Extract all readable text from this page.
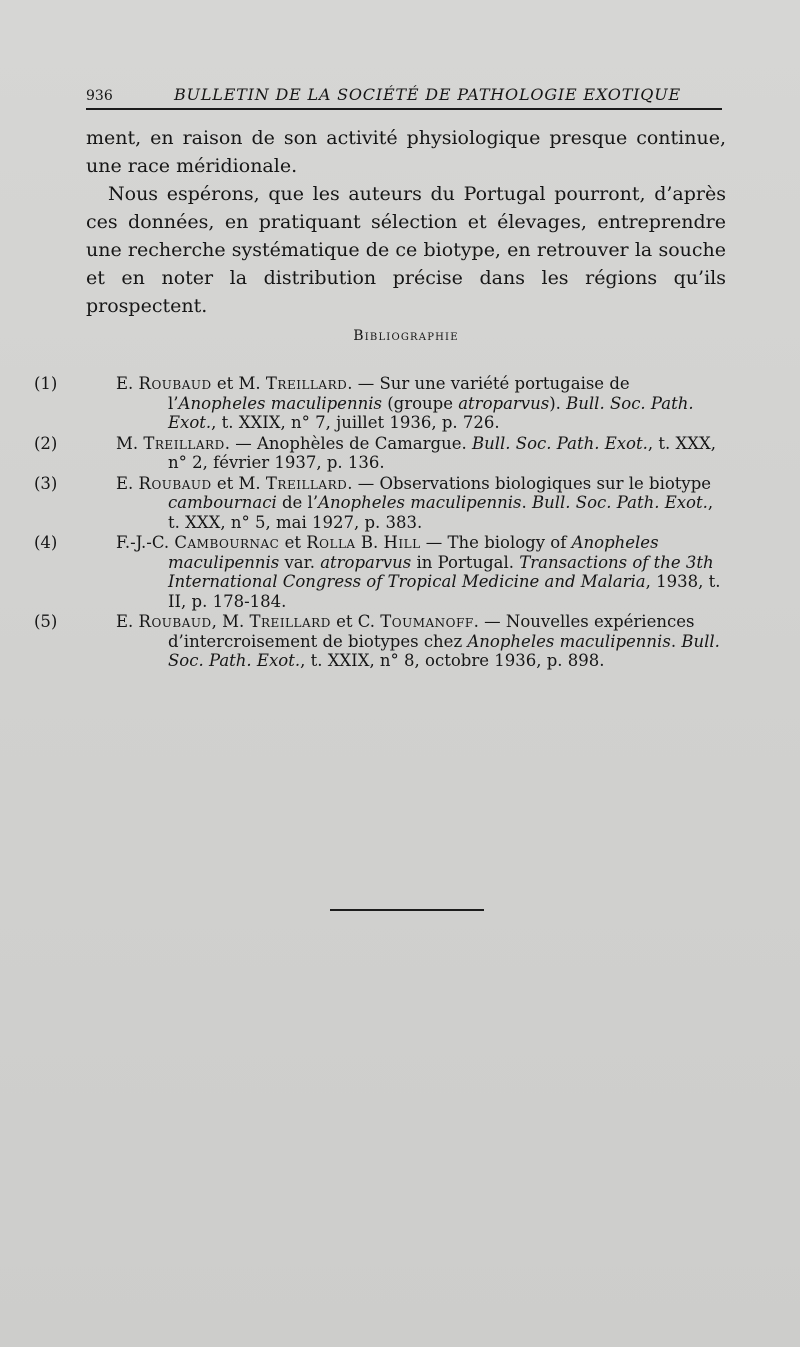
936	BULLETIN DE LA SOCIÉTÉ DE PATHOLOGIE EXOTIQUE

ment, en raison de son activité physiologique presque continue, une race méridionale.

Nous espérons, que les auteurs du Portugal pourront, d’après ces données, en pratiquant sélection et élevages, entreprendre une recherche systématique de ce biotype, en retrouver la souche et en noter la distribution précise dans les régions qu’ils prospectent.

Bibliographie

(1)	E. Roubaud et M. Treillard. — Sur une variété portugaise de l’Anopheles maculipennis (groupe atroparvus). Bull. Soc. Path. Exot., t. XXIX, n° 7, juillet 1936, p. 726.

(2)	M. Treillard. — Anophèles de Camargue. Bull. Soc. Path. Exot., t. XXX, n° 2, février 1937, p. 136.

(3)	E. Roubaud et M. Treillard. — Observations biologiques sur le biotype cambournaci de l’Anopheles maculipennis. Bull. Soc. Path. Exot., t. XXX, n° 5, mai 1927, p. 383.

(4)	F.-J.-C. Cambournac et Rolla B. Hill — The biology of Anopheles maculipennis var. atroparvus in Portugal. Transactions of the 3th International Congress of Tropical Medicine and Malaria, 1938, t. II, p. 178-184.

(5)	E. Roubaud, M. Treillard et C. Toumanoff. — Nouvelles expériences d’intercroisement de biotypes chez Anopheles maculipennis. Bull. Soc. Path. Exot., t. XXIX, n° 8, octobre 1936, p. 898.
